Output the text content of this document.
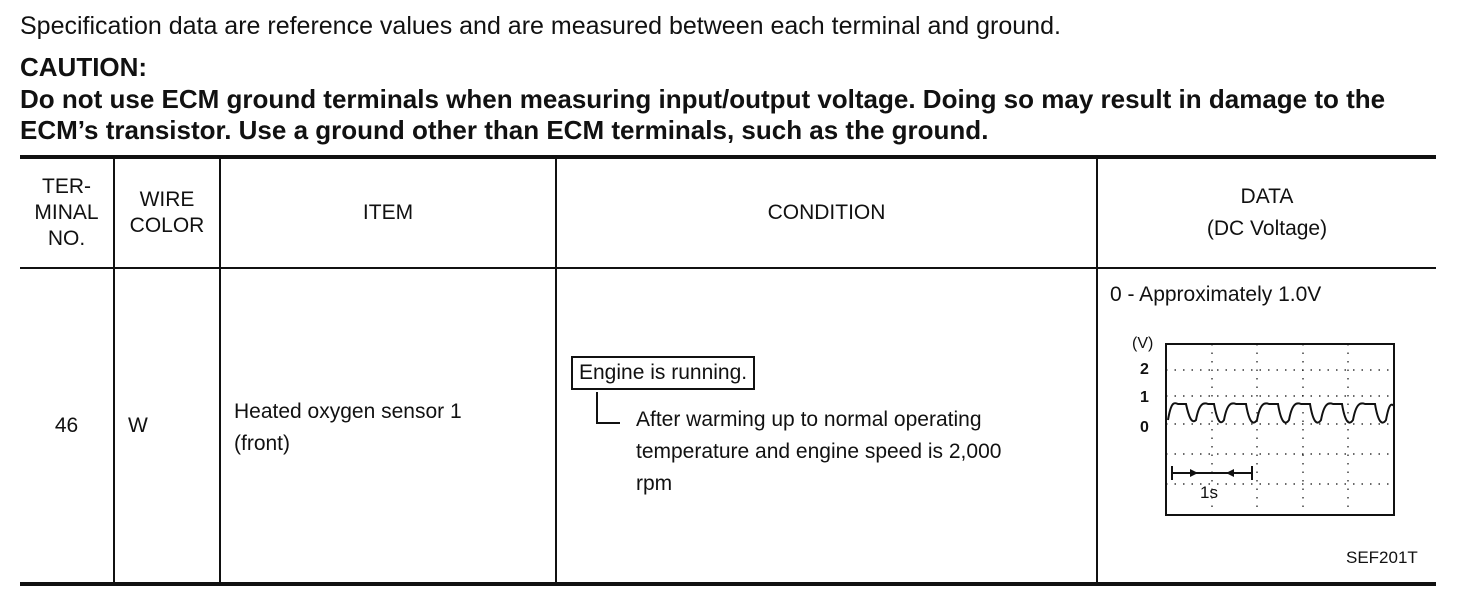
Specification data are reference values and are measured between each terminal and ground.
CAUTION:
Do not use ECM ground terminals when measuring input/output voltage. Doing so may result in damage to the ECM’s transistor. Use a ground other than ECM terminals, such as the ground.
TER-
MINAL
NO.
WIRE
COLOR
ITEM	CONDITION
DATA
(DC Voltage)
46	W
Heated oxygen sensor 1
(front)
Engine is running.
After warming up to normal operating
temperature and engine speed is 2,000
rpm
0 - Approximately 1.0V
(V)
2
1
0
1s
SEF201T
